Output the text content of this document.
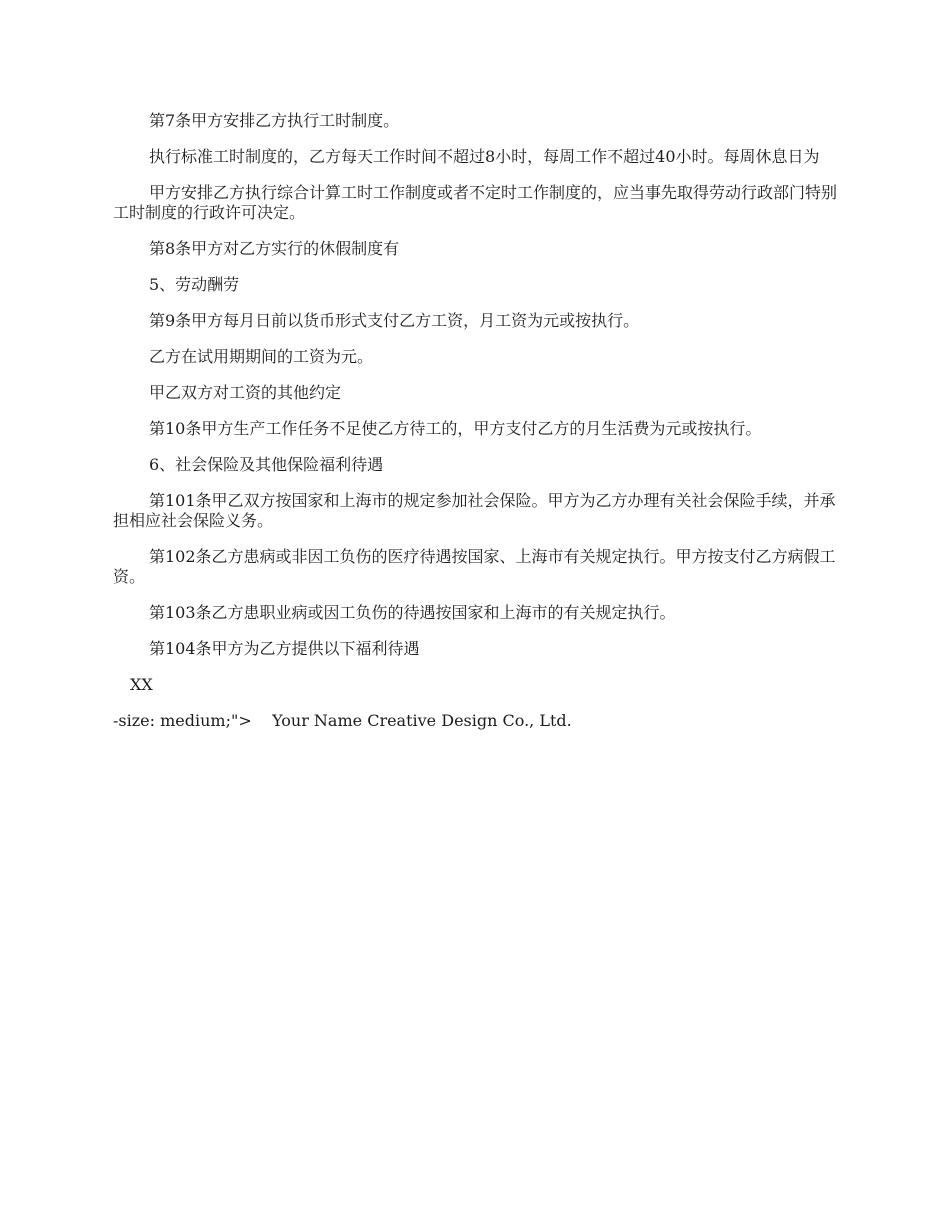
第7条甲方安排乙方执行工时制度。

执行标准工时制度的，乙方每天工作时间不超过8小时，每周工作不超过40小时。每周休息日为

甲方安排乙方执行综合计算工时工作制度或者不定时工作制度的，应当事先取得劳动行政部门特别工时制度的行政许可决定。

第8条甲方对乙方实行的休假制度有

5、劳动酬劳

第9条甲方每月日前以货币形式支付乙方工资，月工资为元或按执行。

乙方在试用期期间的工资为元。

甲乙双方对工资的其他约定

第10条甲方生产工作任务不足使乙方待工的，甲方支付乙方的月生活费为元或按执行。

6、社会保险及其他保险福利待遇

第101条甲乙双方按国家和上海市的规定参加社会保险。甲方为乙方办理有关社会保险手续，并承担相应社会保险义务。

第102条乙方患病或非因工负伤的医疗待遇按国家、上海市有关规定执行。甲方按支付乙方病假工资。

第103条乙方患职业病或因工负伤的待遇按国家和上海市的有关规定执行。

第104条甲方为乙方提供以下福利待遇

XX

-size: medium;">    Your Name Creative Design Co., Ltd.
